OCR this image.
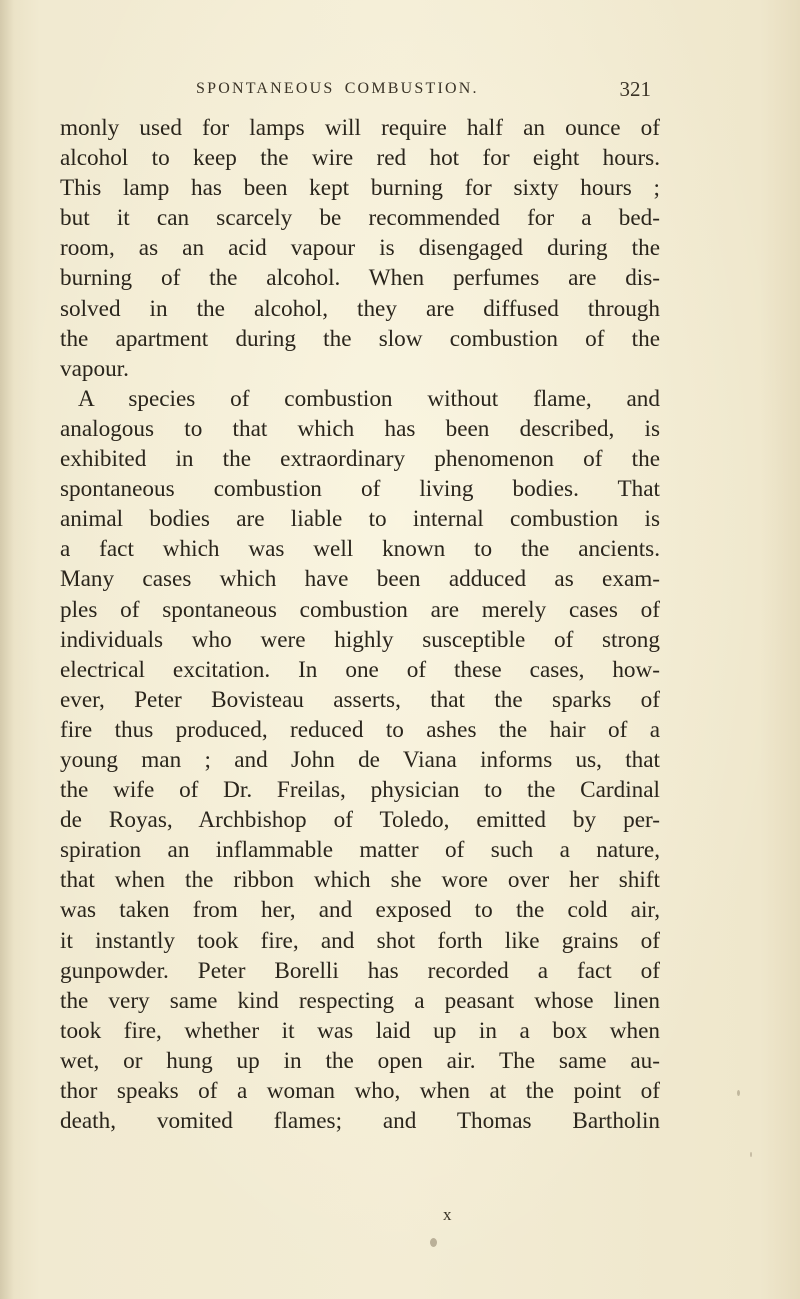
SPONTANEOUS COMBUSTION.	321
monly used for lamps will require half an ounce of
alcohol to keep the wire red hot for eight hours.
This lamp has been kept burning for sixty hours ;
but it can scarcely be recommended for a bed-
room, as an acid vapour is disengaged during the
burning of the alcohol. When perfumes are dis-
solved in the alcohol, they are diffused through
the apartment during the slow combustion of the
vapour.
A species of combustion without flame, and
analogous to that which has been described, is
exhibited in the extraordinary phenomenon of the
spontaneous combustion of living bodies. That
animal bodies are liable to internal combustion is
a fact which was well known to the ancients.
Many cases which have been adduced as exam-
ples of spontaneous combustion are merely cases of
individuals who were highly susceptible of strong
electrical excitation. In one of these cases, how-
ever, Peter Bovisteau asserts, that the sparks of
fire thus produced, reduced to ashes the hair of a
young man ; and John de Viana informs us, that
the wife of Dr. Freilas, physician to the Cardinal
de Royas, Archbishop of Toledo, emitted by per-
spiration an inflammable matter of such a nature,
that when the ribbon which she wore over her shift
was taken from her, and exposed to the cold air,
it instantly took fire, and shot forth like grains of
gunpowder. Peter Borelli has recorded a fact of
the very same kind respecting a peasant whose linen
took fire, whether it was laid up in a box when
wet, or hung up in the open air. The same au-
thor speaks of a woman who, when at the point of
death, vomited flames; and Thomas Bartholin
x
